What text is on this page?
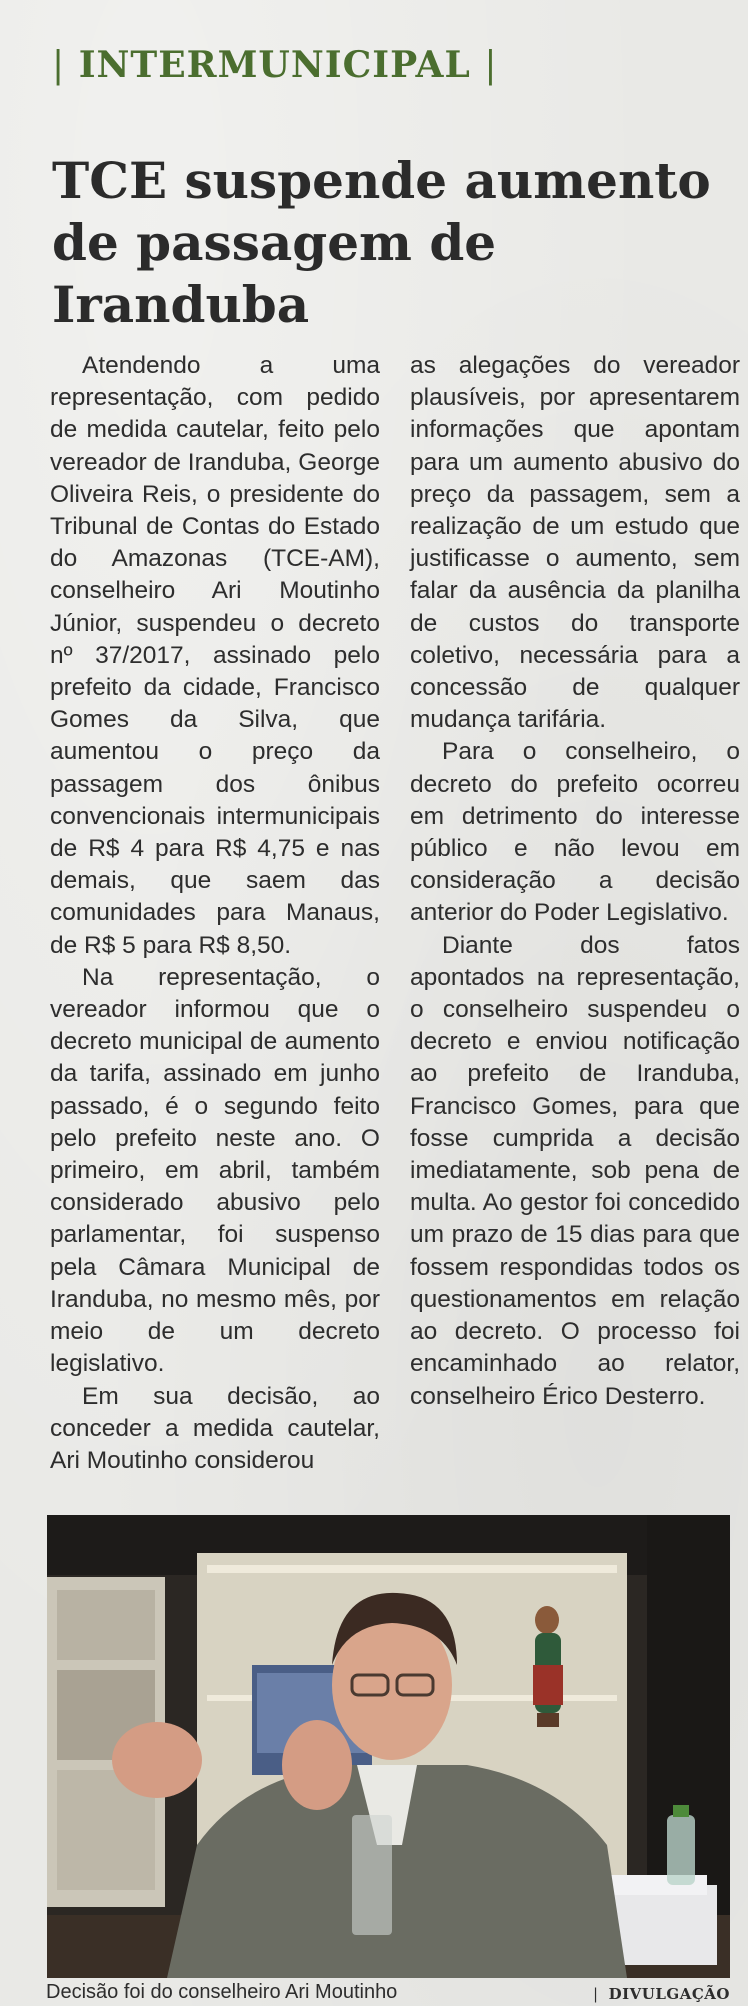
| INTERMUNICIPAL |
TCE suspende aumento de passagem de Iranduba

Atendendo a uma representação, com pedido de medida cautelar, feito pelo vereador de Iranduba, George Oliveira Reis, o presidente do Tribunal de Contas do Estado do Amazonas (TCE-AM), conselheiro Ari Moutinho Júnior, suspendeu o decreto nº 37/2017, assinado pelo prefeito da cidade, Francisco Gomes da Silva, que aumentou o preço da passagem dos ônibus convencionais intermunicipais de R$ 4 para R$ 4,75 e nas demais, que saem das comunidades para Manaus, de R$ 5 para R$ 8,50.

Na representação, o vereador informou que o decreto municipal de aumento da tarifa, assinado em junho passado, é o segundo feito pelo prefeito neste ano. O primeiro, em abril, também considerado abusivo pelo parlamentar, foi suspenso pela Câmara Municipal de Iranduba, no mesmo mês, por meio de um decreto legislativo.

Em sua decisão, ao conceder a medida cautelar, Ari Moutinho considerou

as alegações do vereador plausíveis, por apresentarem informações que apontam para um aumento abusivo do preço da passagem, sem a realização de um estudo que justificasse o aumento, sem falar da ausência da planilha de custos do transporte coletivo, necessária para a concessão de qualquer mudança tarifária.

Para o conselheiro, o decreto do prefeito ocorreu em detrimento do interesse público e não levou em consideração a decisão anterior do Poder Legislativo.

Diante dos fatos apontados na representação, o conselheiro suspendeu o decreto e enviou notificação ao prefeito de Iranduba, Francisco Gomes, para que fosse cumprida a decisão imediatamente, sob pena de multa. Ao gestor foi concedido um prazo de 15 dias para que fossem respondidas todos os questionamentos em relação ao decreto. O processo foi encaminhado ao relator, conselheiro Érico Desterro.

Decisão foi do conselheiro Ari Moutinho	| DIVULGAÇÃO
